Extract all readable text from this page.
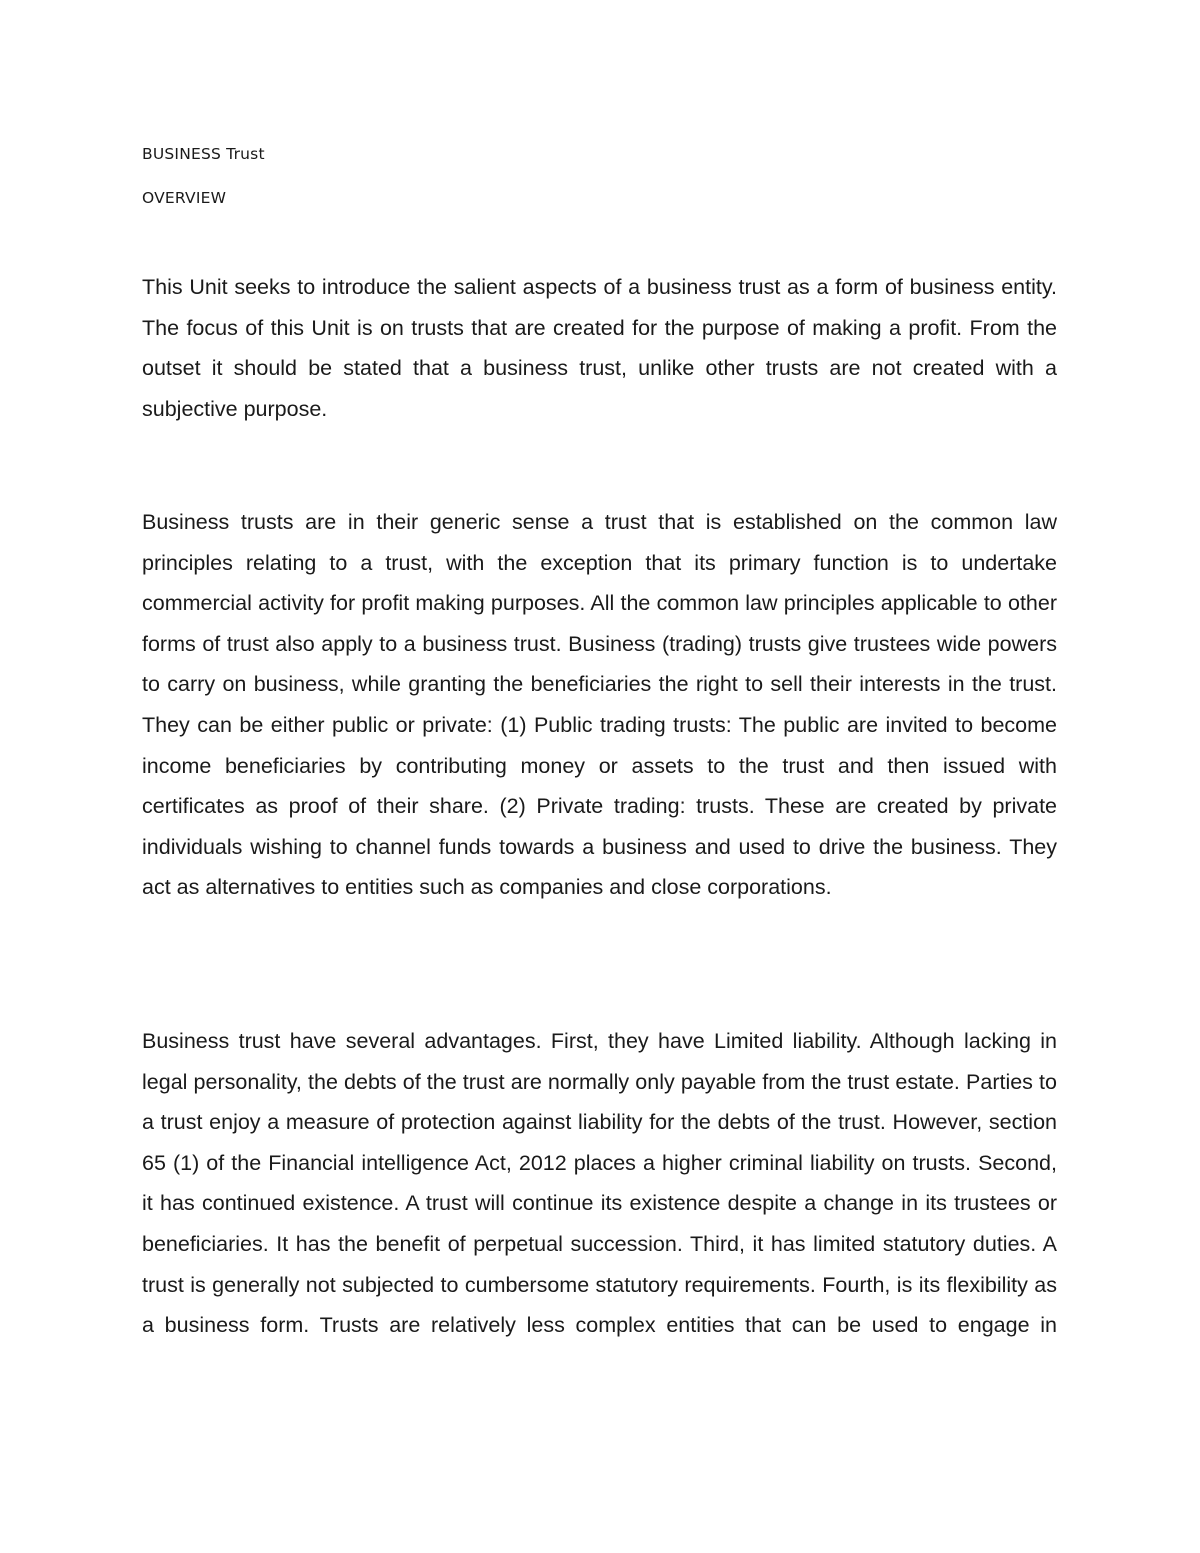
BUSINESS Trust

OVERVIEW

This Unit seeks to introduce the salient aspects of a business trust as a form of business entity. The focus of this Unit is on trusts that are created for the purpose of making a profit. From the outset it should be stated that a business trust, unlike other trusts are not created with a subjective purpose.

Business trusts are in their generic sense a trust that is established on the common law principles relating to a trust, with the exception that its primary function is to undertake commercial activity for profit making purposes. All the common law principles applicable to other forms of trust also apply to a business trust. Business (trading) trusts give trustees wide powers to carry on business, while granting the beneficiaries the right to sell their interests in the trust. They can be either public or private: (1) Public trading trusts: The public are invited to become income beneficiaries by contributing money or assets to the trust and then issued with certificates as proof of their share. (2) Private trading: trusts. These are created by private individuals wishing to channel funds towards a business and used to drive the business. They act as alternatives to entities such as companies and close corporations.

Business trust have several advantages. First, they have Limited liability. Although lacking in legal personality, the debts of the trust are normally only payable from the trust estate. Parties to a trust enjoy a measure of protection against liability for the debts of the trust. However, section 65 (1) of the Financial intelligence Act, 2012 places a higher criminal liability on trusts. Second, it has continued existence. A trust will continue its existence despite a change in its trustees or beneficiaries. It has the benefit of perpetual succession. Third, it has limited statutory duties. A trust is generally not subjected to cumbersome statutory requirements. Fourth, is its flexibility as a business form. Trusts are relatively less complex entities that can be used to engage in
